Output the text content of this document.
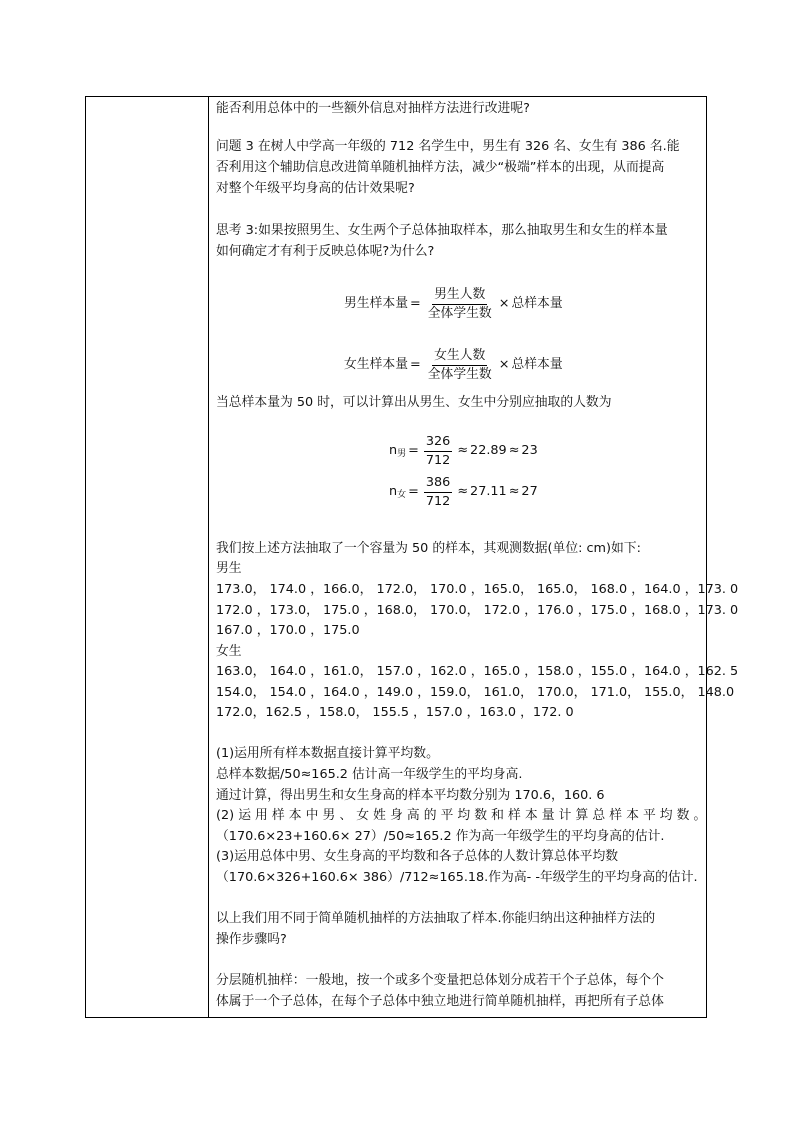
能否利用总体中的一些额外信息对抽样方法进行改进呢?
问题 3 在树人中学高一年级的 712 名学生中，男生有 326 名、女生有 386 名.能
否利用这个辅助信息改进简单随机抽样方法，减少“极端”样本的出现，从而提高
对整个年级平均身高的估计效果呢?
思考 3:如果按照男生、女生两个子总体抽取样本，那么抽取男生和女生的样本量
如何确定才有利于反映总体呢?为什么?
男生样本量 = $\frac{\text{男生人数}}{\text{全体学生数}}$ × 总样本量
女生样本量 = $\frac{\text{女生人数}}{\text{全体学生数}}$ × 总样本量
当总样本量为 50 时，可以计算出从男生、女生中分别应抽取的人数为
n 男 = $\frac{326}{712} \approx 22.89 \approx 23$
n 女 = $\frac{386}{712} \approx 27.11 \approx 27$
我们按上述方法抽取了一个容量为 50 的样本，其观测数据(单位: cm)如下:
男生
173.0， 174.0 ，166.0， 172.0， 170.0 ，165.0， 165.0， 168.0 ，164.0 ，173. 0
172.0 ，173.0， 175.0 ，168.0， 170.0， 172.0 ，176.0 ，175.0 ，168.0 ，173. 0
167.0 ，170.0 ，175.0
女生
163.0， 164.0 ，161.0， 157.0 ，162.0 ，165.0 ，158.0 ，155.0 ，164.0 ，162. 5
154.0， 154.0 ，164.0 ，149.0 ，159.0， 161.0， 170.0， 171.0， 155.0， 148.0
172.0，162.5 ，158.0， 155.5 ，157.0 ，163.0 ，172. 0
(1)运用所有样本数据直接计算平均数。
总样本数据/50≈165.2 估计高一年级学生的平均身高.
通过计算，得出男生和女生身高的样本平均数分别为 170.6，160. 6
(2) 运 用 样 本 中 男 、 女 姓 身 高 的 平 均 数 和 样 本 量 计 算 总 样 本 平 均 数 。
（170.6×23+160.6× 27）/50≈165.2 作为高一年级学生的平均身高的估计.
(3)运用总体中男、女生身高的平均数和各子总体的人数计算总体平均数
（170.6×326+160.6× 386）/712≈165.18.作为高- -年级学生的平均身高的估计.
以上我们用不同于简单随机抽样的方法抽取了样本.你能归纳出这种抽样方法的
操作步骤吗?
分层随机抽样：一般地，按一个或多个变量把总体划分成若干个子总体，每个个
体属于一个子总体，在每个子总体中独立地进行简单随机抽样，再把所有子总体
